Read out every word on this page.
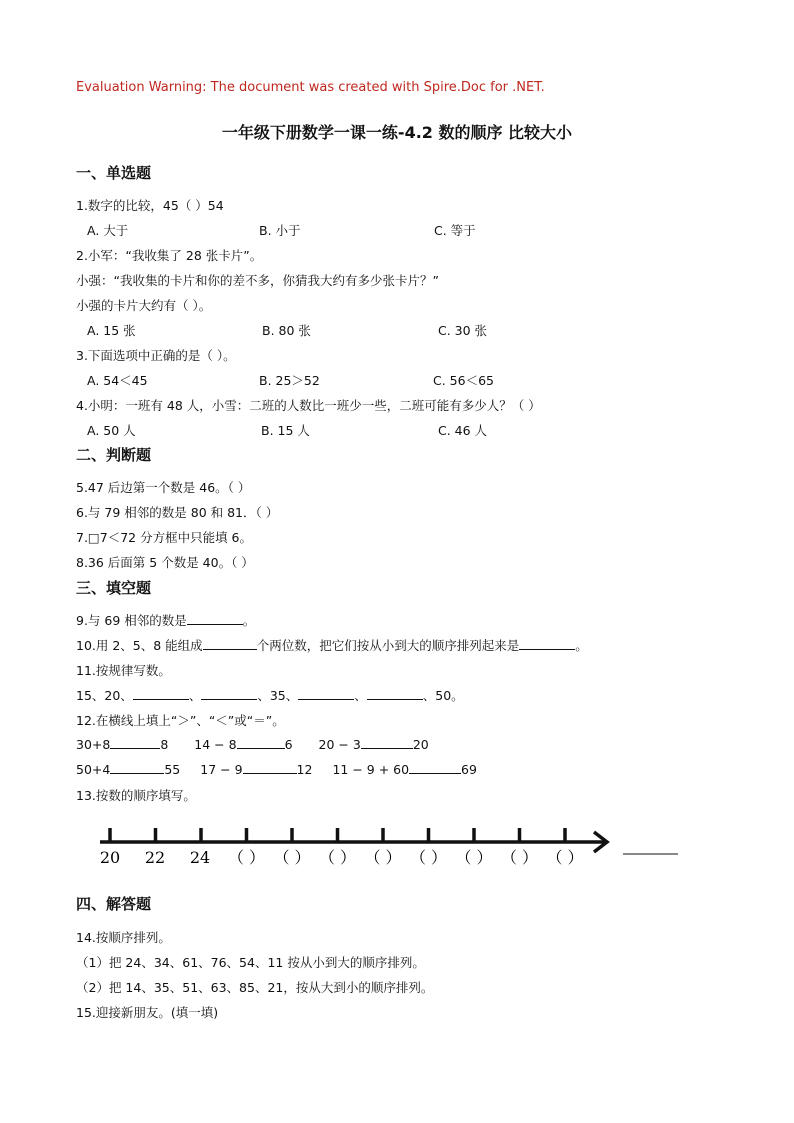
Evaluation Warning: The document was created with Spire.Doc for .NET.
一年级下册数学一课一练-4.2 数的顺序 比较大小
一、单选题
1.数字的比较，45（ ）54
A. 大于	B. 小于	C. 等于
2.小军：“我收集了 28 张卡片”。
小强：“我收集的卡片和你的差不多，你猜我大约有多少张卡片？”
小强的卡片大约有（ ）。
A. 15 张	B. 80 张	C. 30 张
3.下面选项中正确的是（ ）。
A. 54＜45	B. 25＞52	C. 56＜65
4.小明：一班有 48 人，小雪：二班的人数比一班少一些，二班可能有多少人？（ ）
A. 50 人	B. 15 人	C. 46 人
二、判断题
5.47 后边第一个数是 46。（ ）
6.与 79 相邻的数是 80 和 81．（ ）
7.□7＜72 分方框中只能填 6。
8.36 后面第 5 个数是 40。（ ）
三、填空题
9.与 69 相邻的数是	。
10.用 2、5、8 能组成	个两位数，把它们按从小到大的顺序排列起来是	。
11.按规律写数。
15、20、	、	、35、	、	、50。
12.在横线上填上“＞”、“＜”或“＝”。
30+8	8 14 − 8	6 20 − 3	20
50+4	55 17 − 9	12 11 − 9 + 60	69
13.按数的顺序填写。
20 22 24 （ ） （ ） （ ） （ ） （ ） （ ） （ ） （ ）
四、解答题
14.按顺序排列。
（1）把 24、34、61、76、54、11 按从小到大的顺序排列。
（2）把 14、35、51、63、85、21，按从大到小的顺序排列。
15.迎接新朋友。(填一填)
